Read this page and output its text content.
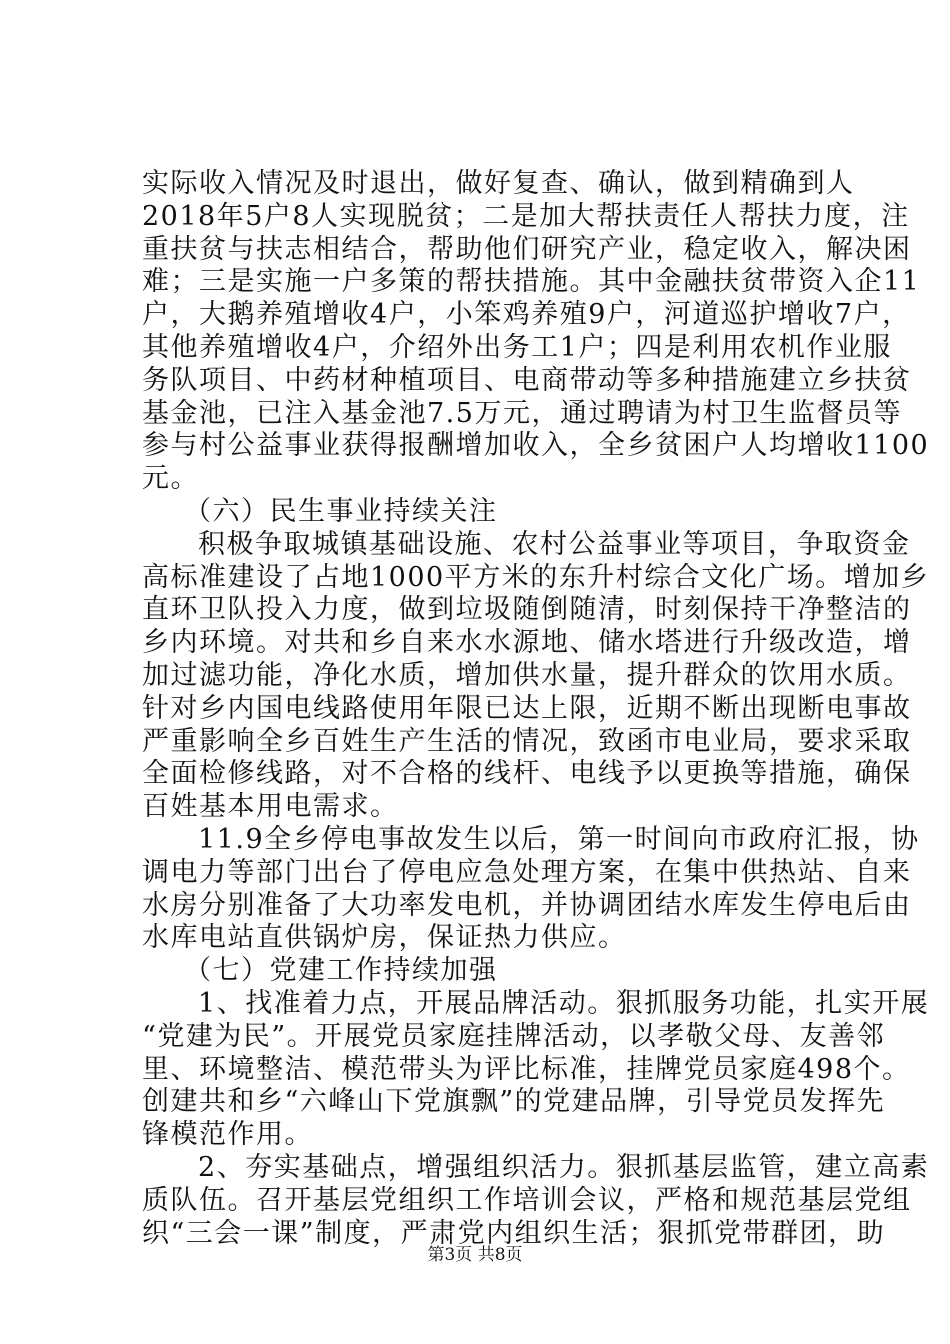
实 际 收 入 情 况 及 时 退 出 ， 做 好 复 查 、 确 认 ， 做 到 精 确 到 人
2018 年 5 户 8 人 实 现 脱 贫 ； 二 是 加 大 帮 扶 责 任 人 帮 扶 力 度 ， 注
重 扶 贫 与 扶 志 相 结 合 ， 帮 助 他 们 研 究 产 业 ， 稳 定 收 入 ， 解 决 困
难 ； 三 是 实 施 一 户 多 策 的 帮 扶 措 施 。 其 中 金 融 扶 贫 带 资 入 企 11
户 ， 大 鹅 养 殖 增 收 4 户 ， 小 笨 鸡 养 殖 9 户 ， 河 道 巡 护 增 收 7 户 ，
其 他 养 殖 增 收 4 户 ， 介 绍 外 出 务 工 1 户 ； 四 是 利 用 农 机 作 业 服
务 队 项 目 、 中 药 材 种 植 项 目 、 电 商 带 动 等 多 种 措 施 建 立 乡 扶 贫
基 金 池 ， 已 注 入 基 金 池 7.5 万 元 ， 通 过 聘 请 为 村 卫 生 监 督 员 等
参 与 村 公 益 事 业 获 得 报 酬 增 加 收 入 ， 全 乡 贫 困 户 人 均 增 收 1100
元。
（六）民生事业持续关注
积 极 争 取 城 镇 基 础 设 施 、 农 村 公 益 事 业 等 项 目 ， 争 取 资 金
高 标 准 建 设 了 占 地 1000 平 方 米 的 东 升 村 综 合 文 化 广 场 。 增 加 乡
直 环 卫 队 投 入 力 度 ， 做 到 垃 圾 随 倒 随 清 ， 时 刻 保 持 干 净 整 洁 的
乡 内 环 境 。 对 共 和 乡 自 来 水 水 源 地 、 储 水 塔 进 行 升 级 改 造 ， 增
加 过 滤 功 能 ， 净 化 水 质 ， 增 加 供 水 量 ， 提 升 群 众 的 饮 用 水 质 。
针 对 乡 内 国 电 线 路 使 用 年 限 已 达 上 限 ， 近 期 不 断 出 现 断 电 事 故
严 重 影 响 全 乡 百 姓 生 产 生 活 的 情 况 ， 致 函 市 电 业 局 ， 要 求 采 取
全 面 检 修 线 路 ， 对 不 合 格 的 线 杆 、 电 线 予 以 更 换 等 措 施 ， 确 保
百姓基本用电需求。
11.9 全 乡 停 电 事 故 发 生 以 后 ， 第 一 时 间 向 市 政 府 汇 报 ， 协
调 电 力 等 部 门 出 台 了 停 电 应 急 处 理 方 案 ， 在 集 中 供 热 站 、 自 来
水 房 分 别 准 备 了 大 功 率 发 电 机 ， 并 协 调 团 结 水 库 发 生 停 电 后 由
水库电站直供锅炉房，保证热力供应。
（七）党建工作持续加强
1 、 找 准 着 力 点 ， 开 展 品 牌 活 动 。 狠 抓 服 务 功 能 ， 扎 实 开 展
“ 党 建 为 民 ” 。 开 展 党 员 家 庭 挂 牌 活 动 ， 以 孝 敬 父 母 、 友 善 邻
里 、 环 境 整 洁 、 模 范 带 头 为 评 比 标 准 ， 挂 牌 党 员 家 庭 498 个 。
创 建 共 和 乡 “ 六 峰 山 下 党 旗 飘 ” 的 党 建 品 牌 ， 引 导 党 员 发 挥 先
锋模范作用。
2 、 夯 实 基 础 点 ， 增 强 组 织 活 力 。 狠 抓 基 层 监 管 ， 建 立 高 素
质 队 伍 。 召 开 基 层 党 组 织 工 作 培 训 会 议 ， 严 格 和 规 范 基 层 党 组
织“三会一课”制度，严肃党内组织生活；狠抓党带群团，助
第3页 共8页
